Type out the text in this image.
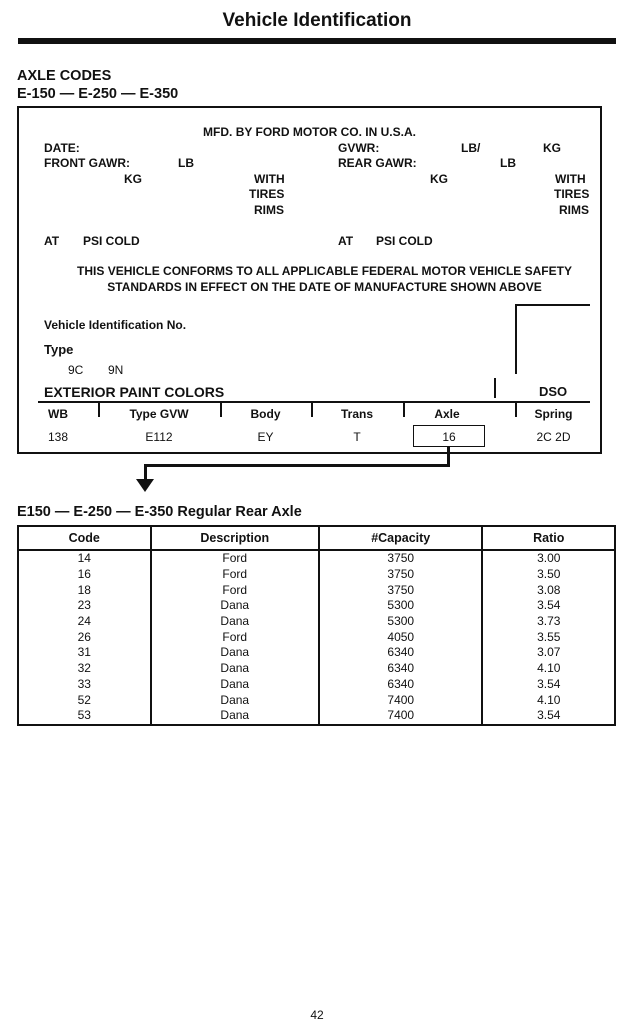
Vehicle Identification
AXLE CODES
E-150 — E-250 — E-350
MFD. BY FORD MOTOR CO. IN U.S.A.
DATE:	GVWR:	LB/	KG
FRONT GAWR:	LB	REAR GAWR:	LB
KG	WITH	KG	WITH
TIRES	TIRES
RIMS	RIMS
AT PSI COLD	AT PSI COLD
THIS VEHICLE CONFORMS TO ALL APPLICABLE FEDERAL MOTOR VEHICLE SAFETY
STANDARDS IN EFFECT ON THE DATE OF MANUFACTURE SHOWN ABOVE
Vehicle Identification No.
Type
9C 9N
EXTERIOR PAINT COLORS	DSO
WB	Type GVW	Body	Trans	Axle	Spring
138	E112	EY	T	16	2C 2D
E150 — E-250 — E-350 Regular Rear Axle
Code	Description	#Capacity	Ratio
14	Ford	3750	3.00
16	Ford	3750	3.50
18	Ford	3750	3.08
23	Dana	5300	3.54
24	Dana	5300	3.73
26	Ford	4050	3.55
31	Dana	6340	3.07
32	Dana	6340	4.10
33	Dana	6340	3.54
52	Dana	7400	4.10
53	Dana	7400	3.54
42
